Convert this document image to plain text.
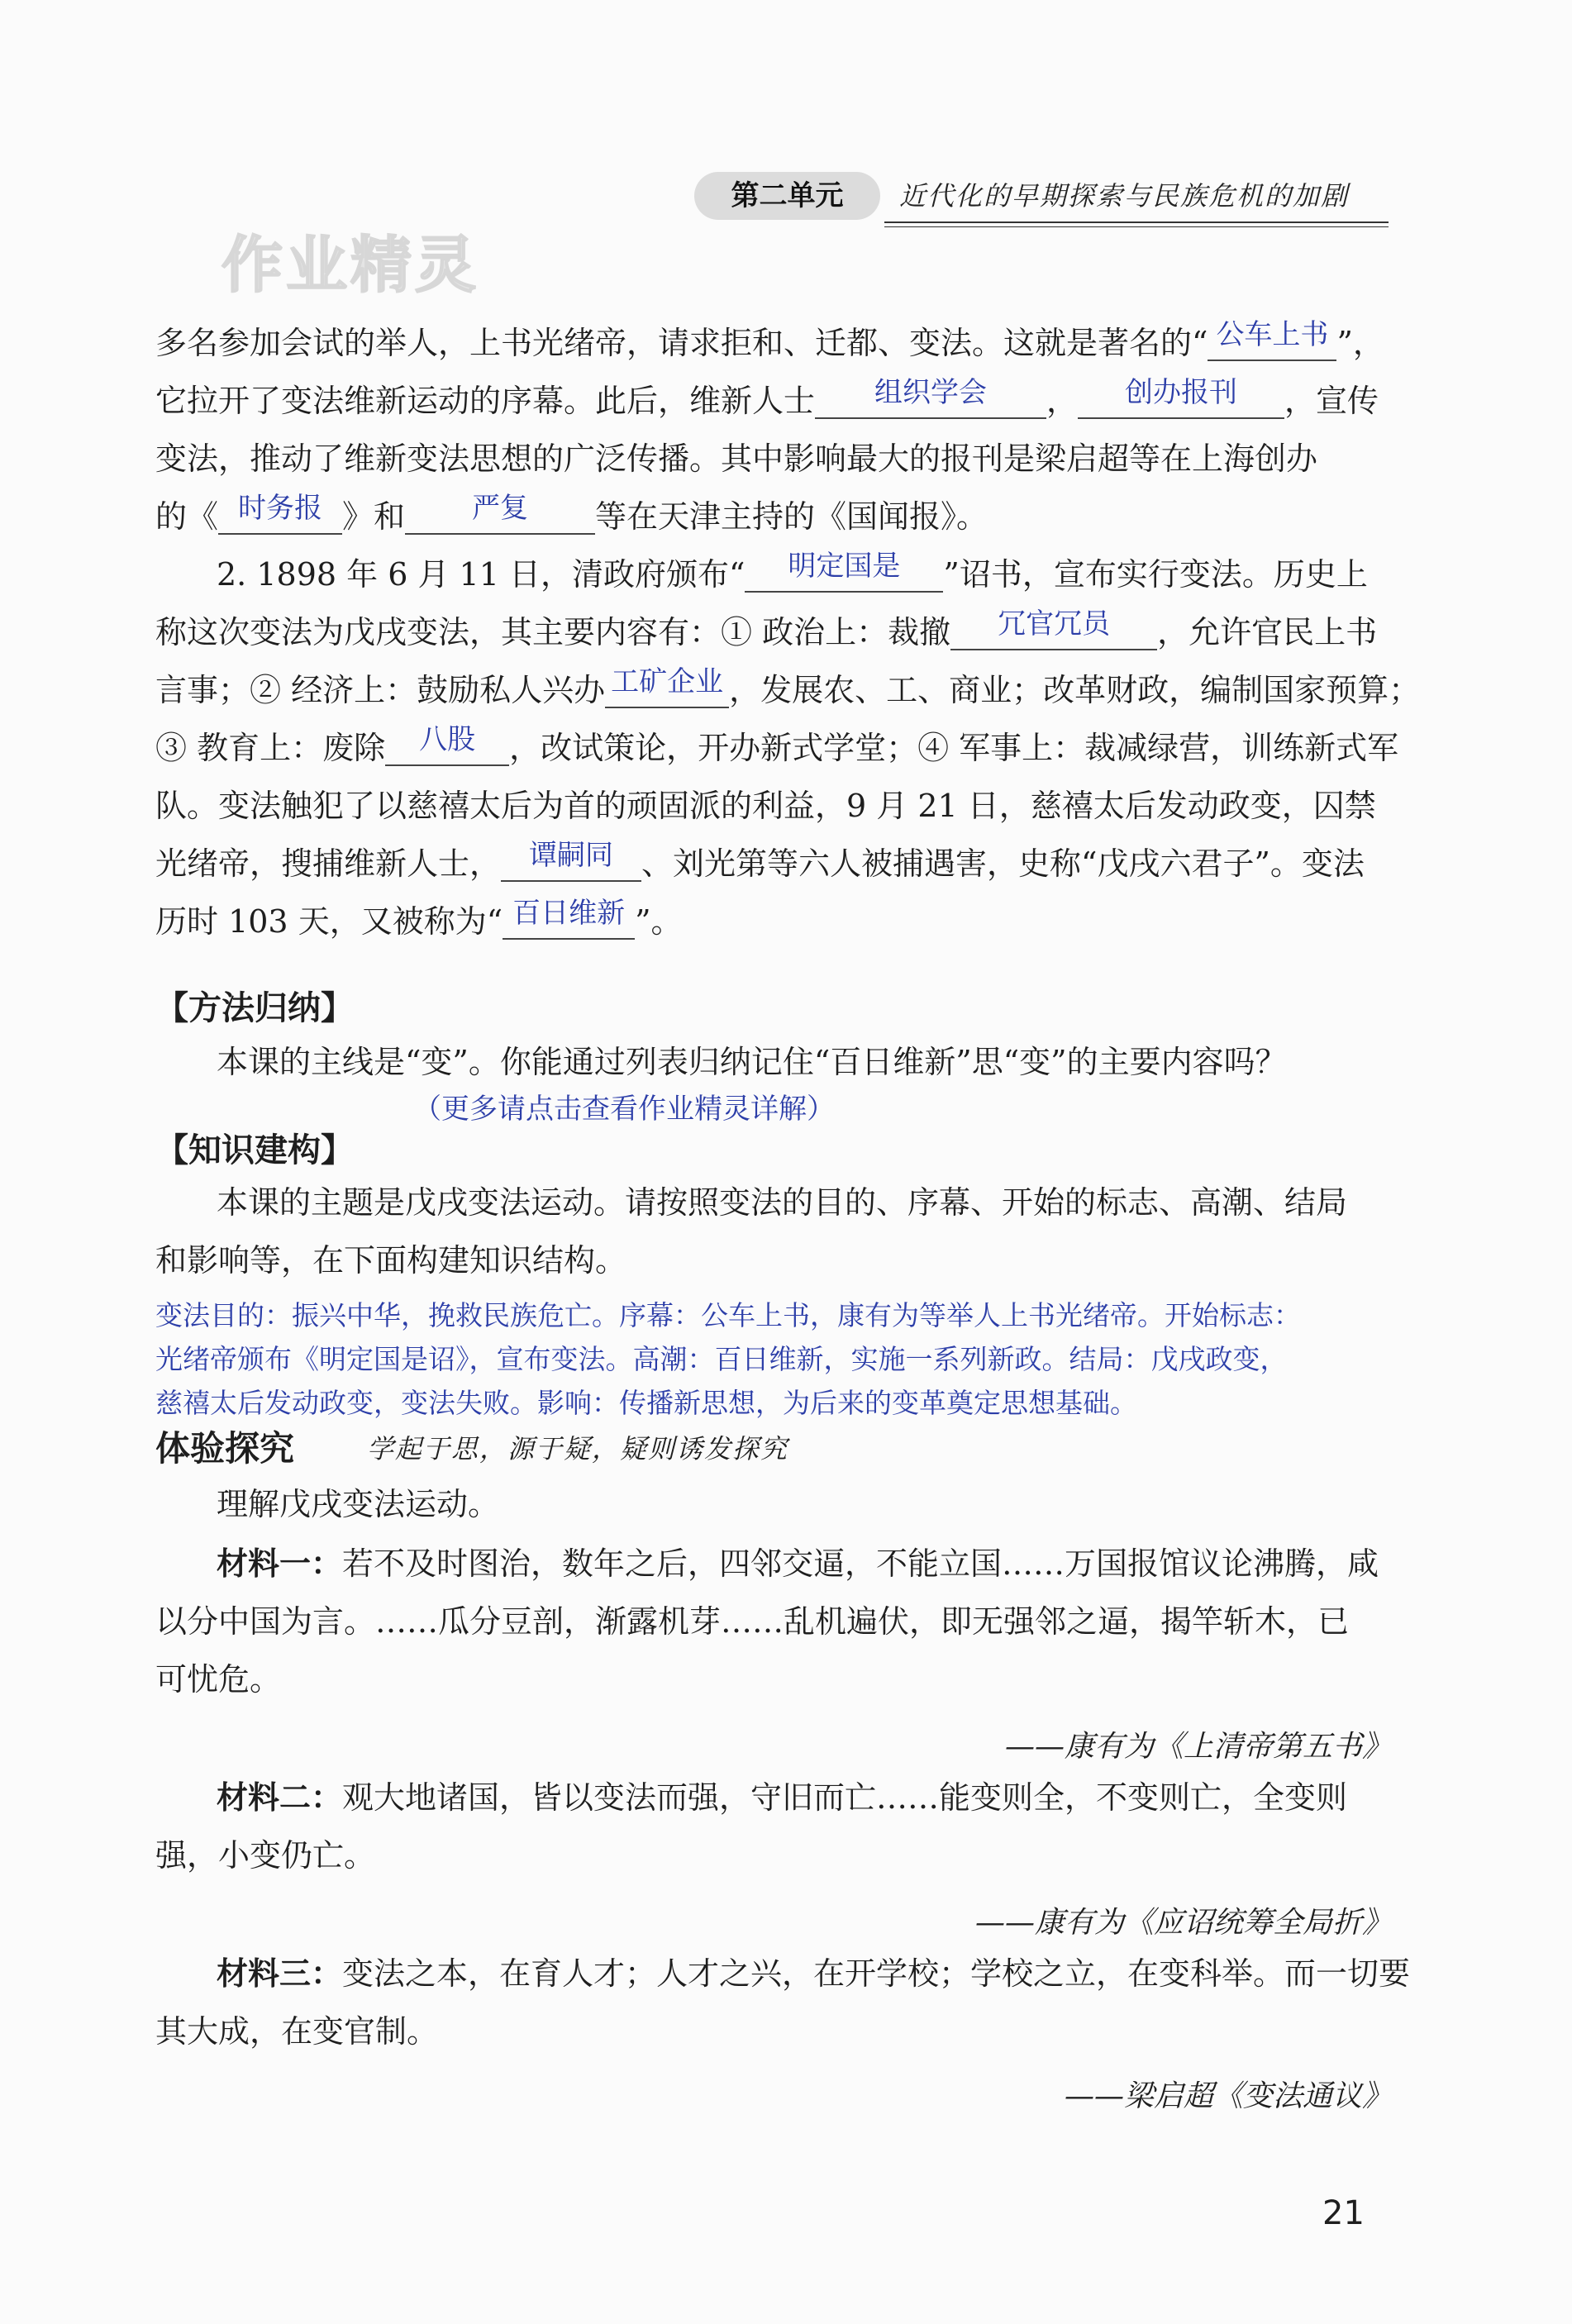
第二单元	近代化的早期探索与民族危机的加剧
作业精灵
多名参加会试的举人，上书光绪帝，请求拒和、迁都、变法。这就是著名的“ 公车上书 ”，
它拉开了变法维新运动的序幕。此后，维新人士	组织学会	，	创办报刊	，宣传
变法，推动了维新变法思想的广泛传播。其中影响最大的报刊是梁启超等在上海创办
的《 时务报 》和	严复	等在天津主持的《国闻报》。
2. 1898 年 6 月 11 日，清政府颁布“	明定国是	”诏书，宣布实行变法。历史上
称这次变法为戊戌变法，其主要内容有：① 政治上：裁撤	冗官冗员	，允许官民上书
言事；② 经济上：鼓励私人兴办 工矿企业 ，发展农、工、商业；改革财政，编制国家预算；
③ 教育上：废除	八股	，改试策论，开办新式学堂；④ 军事上：裁减绿营，训练新式军
队。变法触犯了以慈禧太后为首的顽固派的利益，9 月 21 日，慈禧太后发动政变，囚禁
光绪帝，搜捕维新人士，	谭嗣同 、刘光第等六人被捕遇害，史称“戊戌六君子”。变法
历时 103 天，又被称为“ 百日维新 ”。
【方法归纳】
本课的主线是“变”。你能通过列表归纳记住“百日维新”思“变”的主要内容吗？
（更多请点击查看作业精灵详解）
【知识建构】
本课的主题是戊戌变法运动。请按照变法的目的、序幕、开始的标志、高潮、结局
和影响等，在下面构建知识结构。
变法目的：振兴中华，挽救民族危亡。序幕：公车上书，康有为等举人上书光绪帝。开始标志：
光绪帝颁布《明定国是诏》，宣布变法。高潮：百日维新，实施一系列新政。结局：戊戌政变，
慈禧太后发动政变，变法失败。影响：传播新思想，为后来的变革奠定思想基础。
体验探究	学起于思，源于疑，疑则诱发探究
理解戊戌变法运动。
材料一：若不及时图治，数年之后，四邻交逼，不能立国……万国报馆议论沸腾，咸
以分中国为言。……瓜分豆剖，渐露机芽……乱机遍伏，即无强邻之逼，揭竿斩木，已
可忧危。
——康有为《上清帝第五书》
材料二：观大地诸国，皆以变法而强，守旧而亡……能变则全，不变则亡，全变则
强，小变仍亡。
——康有为《应诏统筹全局折》
材料三：变法之本，在育人才；人才之兴，在开学校；学校之立，在变科举。而一切要
其大成，在变官制。
——梁启超《变法通议》
21
